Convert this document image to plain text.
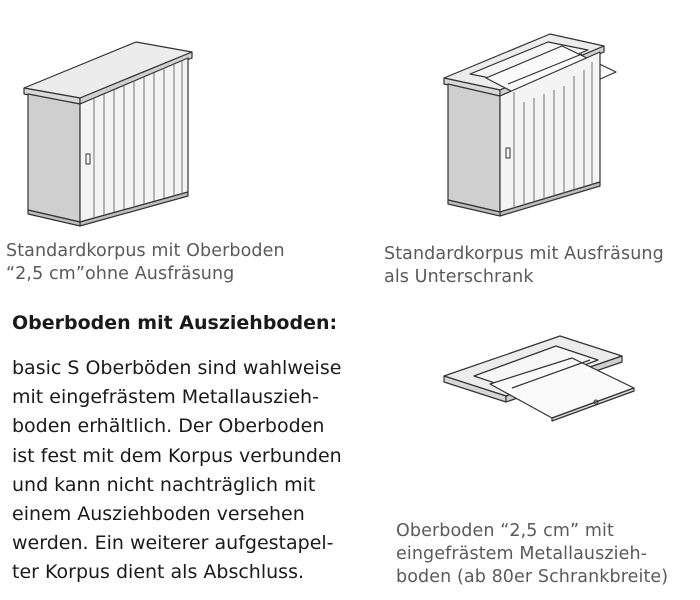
Standardkorpus mit Oberboden
“2,5 cm”ohne Ausfräsung
Standardkorpus mit Ausfräsung
als Unterschrank
Oberboden “2,5 cm” mit
eingefrästem Metallauszieh-
boden (ab 80er Schrankbreite)
Oberboden mit Ausziehboden:
basic S Oberböden sind wahlweise
mit eingefrästem Metallauszieh-
boden erhältlich. Der Oberboden
ist fest mit dem Korpus verbunden
und kann nicht nachträglich mit
einem Ausziehboden versehen
werden. Ein weiterer aufgestapel-
ter Korpus dient als Abschluss.
